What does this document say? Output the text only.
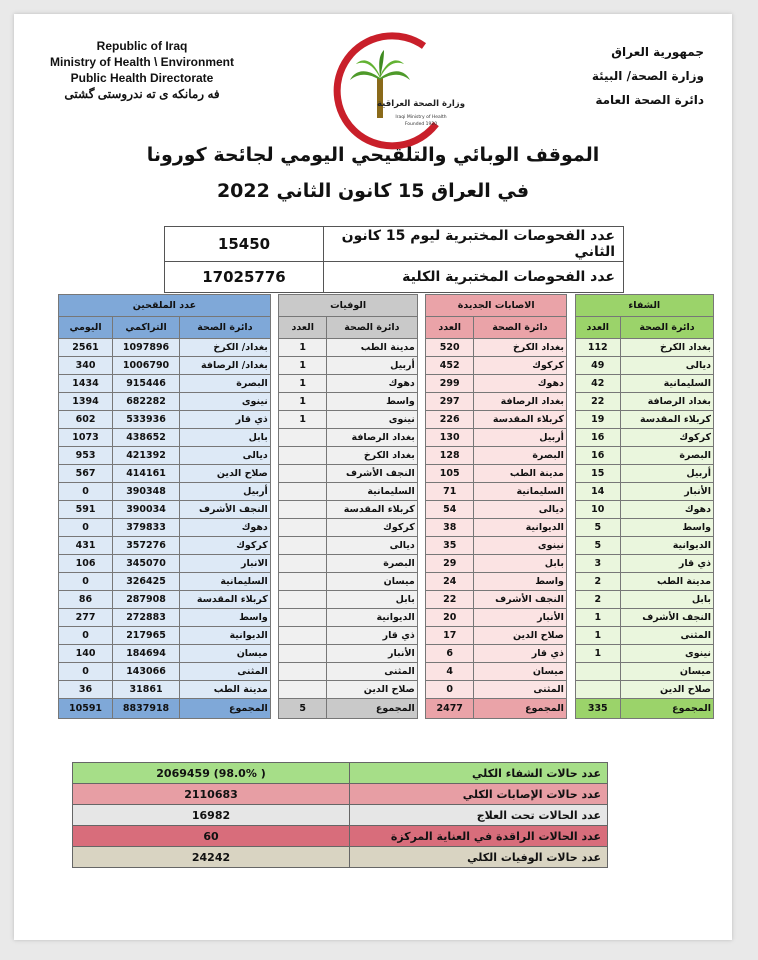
Republic of Iraq
Ministry of Health \ Environment
Public Health Directorate
فه رمانكه ى ته ندروستى گشتى
وزارة الصحة العراقية
Iraqi Ministry of Health
Founded 1920
جمهورية العراق
وزارة الصحة/ البيئة
دائرة الصحة العامة
الموقف الوبائي والتلقيحي اليومي لجائحة كورونا
في العراق 15 كانون الثاني 2022
15450	عدد الفحوصات المختبرية ليوم 15 كانون الثاني
17025776	عدد الفحوصات المختبرية الكلية
عدد الملقحين				الوفيات			الاصابات الجديدة			الشفاء	
اليومي	التراكمي	دائرة الصحة		العدد	دائرة الصحة		العدد	دائرة الصحة		العدد	دائرة الصحة
2561	1097896	بغداد/ الكرخ		1	مدينة الطب		520	بغداد الكرخ		112	بغداد الكرخ
340	1006790	بغداد/ الرصافة		1	أربيل		452	كركوك		49	ديالى
1434	915446	البصرة		1	دهوك		299	دهوك		42	السليمانية
1394	682282	نينوى		1	واسط		297	بغداد الرصافة		22	بغداد الرصافة
602	533936	ذي قار		1	نينوى		226	كربلاء المقدسة		19	كربلاء المقدسة
1073	438652	بابل			بغداد الرصافة		130	أربيل		16	كركوك
953	421392	ديالى			بغداد الكرخ		128	البصرة		16	البصرة
567	414161	صلاح الدين			النجف الأشرف		105	مدينة الطب		15	أربيل
0	390348	أربيل			السليمانية		71	السليمانية		14	الأنبار
591	390034	النجف الأشرف			كربلاء المقدسة		54	ديالى		10	دهوك
0	379833	دهوك			كركوك		38	الديوانية		5	واسط
431	357276	كركوك			ديالى		35	نينوى		5	الديوانية
106	345070	الانبار			البصرة		29	بابل		3	ذي قار
0	326425	السليمانية			ميسان		24	واسط		2	مدينة الطب
86	287908	كربلاء المقدسة			بابل		22	النجف الأشرف		2	بابل
277	272883	واسط			الديوانية		20	الأنبار		1	النجف الأشرف
0	217965	الديوانية			ذي قار		17	صلاح الدين		1	المثنى
140	184694	ميسان			الأنبار		6	ذي قار		1	نينوى
0	143066	المثنى			المثنى		4	ميسان			ميسان
36	31861	مدينة الطب			صلاح الدين		0	المثنى			صلاح الدين
10591	8837918	المجموع		5	المجموع		2477	المجموع		335	المجموع
2069459 (98.0% )	عدد حالات الشفاء الكلي
2110683	عدد حالات الإصابات الكلي
16982	عدد الحالات تحت العلاج
60	عدد الحالات الراقدة في العناية المركزة
24242	عدد حالات الوفيات الكلي
